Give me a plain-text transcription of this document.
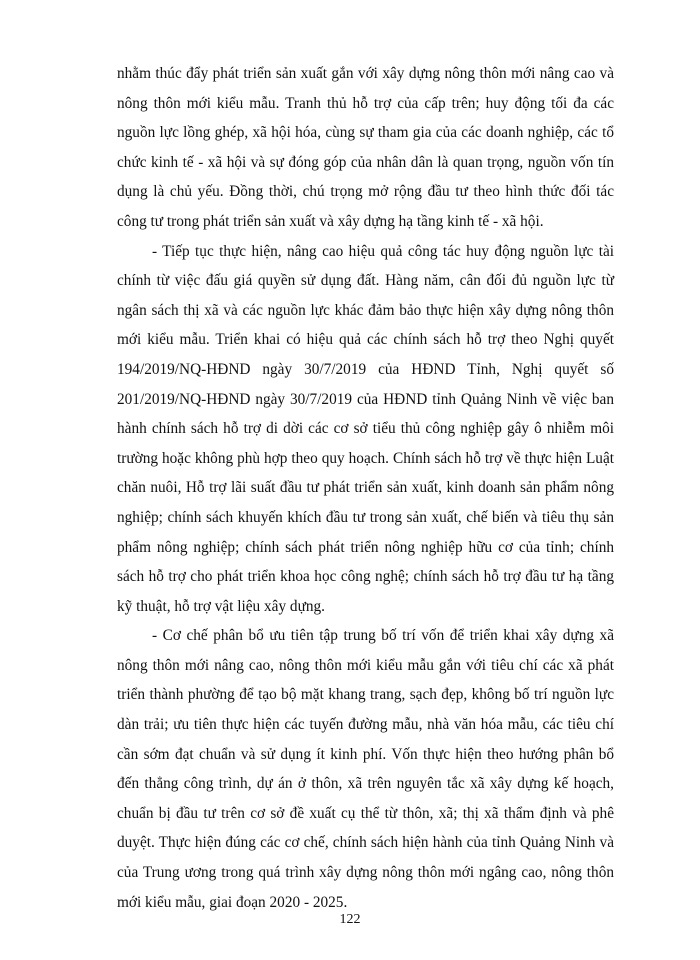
nhằm thúc đẩy phát triển sản xuất gắn với xây dựng nông thôn mới nâng cao và nông thôn mới kiểu mẫu. Tranh thủ hỗ trợ của cấp trên; huy động tối đa các nguồn lực lồng ghép, xã hội hóa, cùng sự tham gia của các doanh nghiệp, các tổ chức kinh tế - xã hội và sự đóng góp của nhân dân là quan trọng, nguồn vốn tín dụng là chủ yếu. Đồng thời, chú trọng mở rộng đầu tư theo hình thức đối tác công tư trong phát triển sản xuất và xây dựng hạ tầng kinh tế - xã hội.

- Tiếp tục thực hiện, nâng cao hiệu quả công tác huy động nguồn lực tài chính từ việc đấu giá quyền sử dụng đất. Hàng năm, cân đối đủ nguồn lực từ ngân sách thị xã và các nguồn lực khác đảm bảo thực hiện xây dựng nông thôn mới kiểu mẫu. Triển khai có hiệu quả các chính sách hỗ trợ theo Nghị quyết 194/2019/NQ-HĐND ngày 30/7/2019 của HĐND Tỉnh, Nghị quyết số 201/2019/NQ-HĐND ngày 30/7/2019 của HĐND tỉnh Quảng Ninh về việc ban hành chính sách hỗ trợ di dời các cơ sở tiểu thủ công nghiệp gây ô nhiễm môi trường hoặc không phù hợp theo quy hoạch. Chính sách hỗ trợ về thực hiện Luật chăn nuôi, Hỗ trợ lãi suất đầu tư phát triển sản xuất, kinh doanh sản phẩm nông nghiệp; chính sách khuyến khích đầu tư trong sản xuất, chế biến và tiêu thụ sản phẩm nông nghiệp; chính sách phát triển nông nghiệp hữu cơ của tỉnh; chính sách hỗ trợ cho phát triển khoa học công nghệ; chính sách hỗ trợ đầu tư hạ tầng kỹ thuật, hỗ trợ vật liệu xây dựng.

- Cơ chế phân bổ ưu tiên tập trung bố trí vốn để triển khai xây dựng xã nông thôn mới nâng cao, nông thôn mới kiểu mẫu gắn với tiêu chí các xã phát triển thành phường để tạo bộ mặt khang trang, sạch đẹp, không bố trí nguồn lực dàn trải; ưu tiên thực hiện các tuyến đường mẫu, nhà văn hóa mẫu, các tiêu chí cần sớm đạt chuẩn và sử dụng ít kinh phí. Vốn thực hiện theo hướng phân bổ đến thẳng công trình, dự án ở thôn, xã trên nguyên tắc xã xây dựng kế hoạch, chuẩn bị đầu tư trên cơ sở đề xuất cụ thể từ thôn, xã; thị xã thẩm định và phê duyệt. Thực hiện đúng các cơ chế, chính sách hiện hành của tỉnh Quảng Ninh và của Trung ương trong quá trình xây dựng nông thôn mới ngâng cao, nông thôn mới kiểu mẫu, giai đoạn 2020 - 2025.

122
